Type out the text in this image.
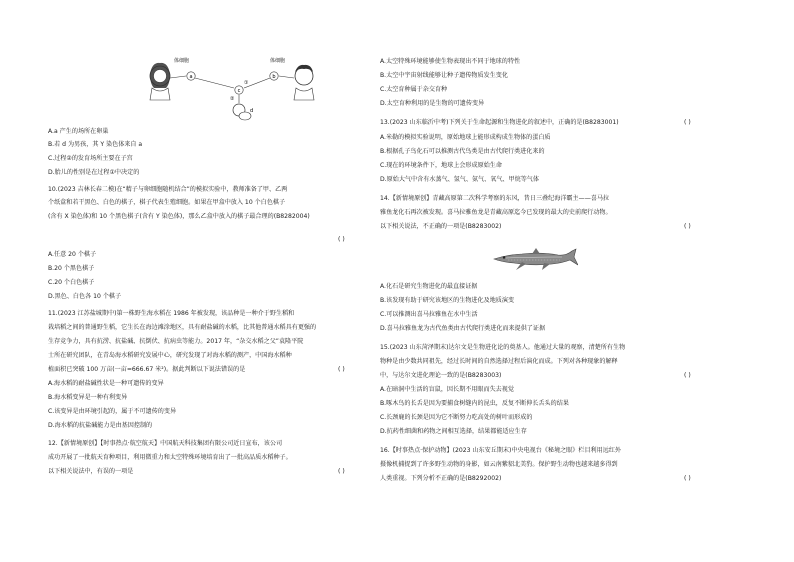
a	b
c
②
①
d
体细胞	体细胞
A.a 产生的场所在卵巢
B.若 d 为男孩，其 Y 染色体来自 a
C.过程②的发育场所主要在子宫
D.胎儿的性别是在过程①中决定的
10.(2023 吉林长春二模)在“精子与卵细胞随机结合”的模拟实验中，教师准备了甲、乙两
个纸盒和若干黑色、白色的棋子，棋子代表生殖细胞。如果在甲盒中放入 10 个白色棋子
(含有 X 染色体)和 10 个黑色棋子(含有 Y 染色体)，那么乙盒中放入的棋子最合理的(B8282004)
( )
A.任意 20 个棋子
B.20 个黑色棋子
C.20 个白色棋子
D.黑色、白色各 10 个棋子
11.(2023 江苏盐城期中)第一株野生海水稻在 1986 年被发现，该品种是一种介于野生稻和
栽培稻之间的普通野生稻，它生长在海边滩涂地区，具有耐盐碱的水稻，比其他普通水稻具有更强的
生存竞争力，具有抗涝、抗盐碱、抗倒伏、抗病虫等能力。2017 年，“杂交水稻之父”袁隆平院
士所在研究团队，在青岛海水稻研究发展中心，研究发现了对海水稻的测产，中国海水稻种
植面积已突破 100 万亩(一亩=666.67 米²)。据此判断以下说法错误的是	( )
A.海水稻的耐盐碱性状是一种可遗传的变异
B.海水稻变异是一种有利变异
C.该变异是由环境引起的，属于不可遗传的变异
D.海水稻的抗盐碱能力是由基因控制的
12.【新情境原创】【时事热点·航空航天】中国航天科技集团有限公司近日宣布，该公司
成功开展了一批航天育种项目，利用微重力和太空特殊环境培育出了一批高品质水稻种子。
以下相关说法中，有误的一项是	( )
A.太空特殊环境能够使生物表现出不同于地球的特性
B.太空中宇宙射线能够让种子遗传物质发生变化
C.太空育种属于杂交育种
D.太空育种利用的是生物的可遗传变异
13.(2023 山东临沂中考)下列关于生命起源和生物进化的叙述中，正确的是(B8283001)	( )
A.米勒的模拟实验说明，原始地球上能形成构成生物体的蛋白质
B.根据孔子鸟化石可以推测古代鸟类是由古代爬行类进化来的
C.现在的环境条件下，地球上会形成原始生命
D.原始大气中含有水蒸气、氢气、氨气、氧气、甲烷等气体
14.【新情境原创】青藏高原第二次科学考察的东风，昔日三叠纪海洋霸主——喜马拉
雅鱼龙化石再次被发现。喜马拉雅鱼龙是青藏高原迄今已发现的最大的史前爬行动物。
以下相关说法，不正确的一项是(B8283002)	( )
A.化石是研究生物进化的最直接证据
B.该发现有助于研究该地区的生物进化及地质演变
C.可以推测出喜马拉雅鱼在水中生活
D.喜马拉雅鱼龙为古代鱼类由古代爬行类进化而来提供了证据
15.(2023 山东菏泽期末)达尔文是生物进化论的奠基人。他通过大量的观察，清楚所有生物
物种是由少数共同祖先，经过长时间的自然选择过程后演化而成。下列对各种现象的解释
中，与达尔文进化理论一致的是(B8283003)	( )
A.在暗洞中生活的盲鼠，因长期不用眼而失去视觉
B.啄木鸟的长舌是因为要捕食树缝内的昆虫，反复不断伸长舌头的结果
C.长颈鹿的长颈是因为它不断努力吃高处的树叶而形成的
D.抗药性细菌和药物之间相互选择，结果都能适应生存
16.【时事热点·保护动物】(2023 山东安丘期末)中央电视台《秘境之眼》栏目利用远红外
摄像机捕捉到了许多野生动物的身影，如云南紫貂北美豹。保护野生动物也越来越多得到
人类重视。下列分析不正确的是(B8292002)	( )
